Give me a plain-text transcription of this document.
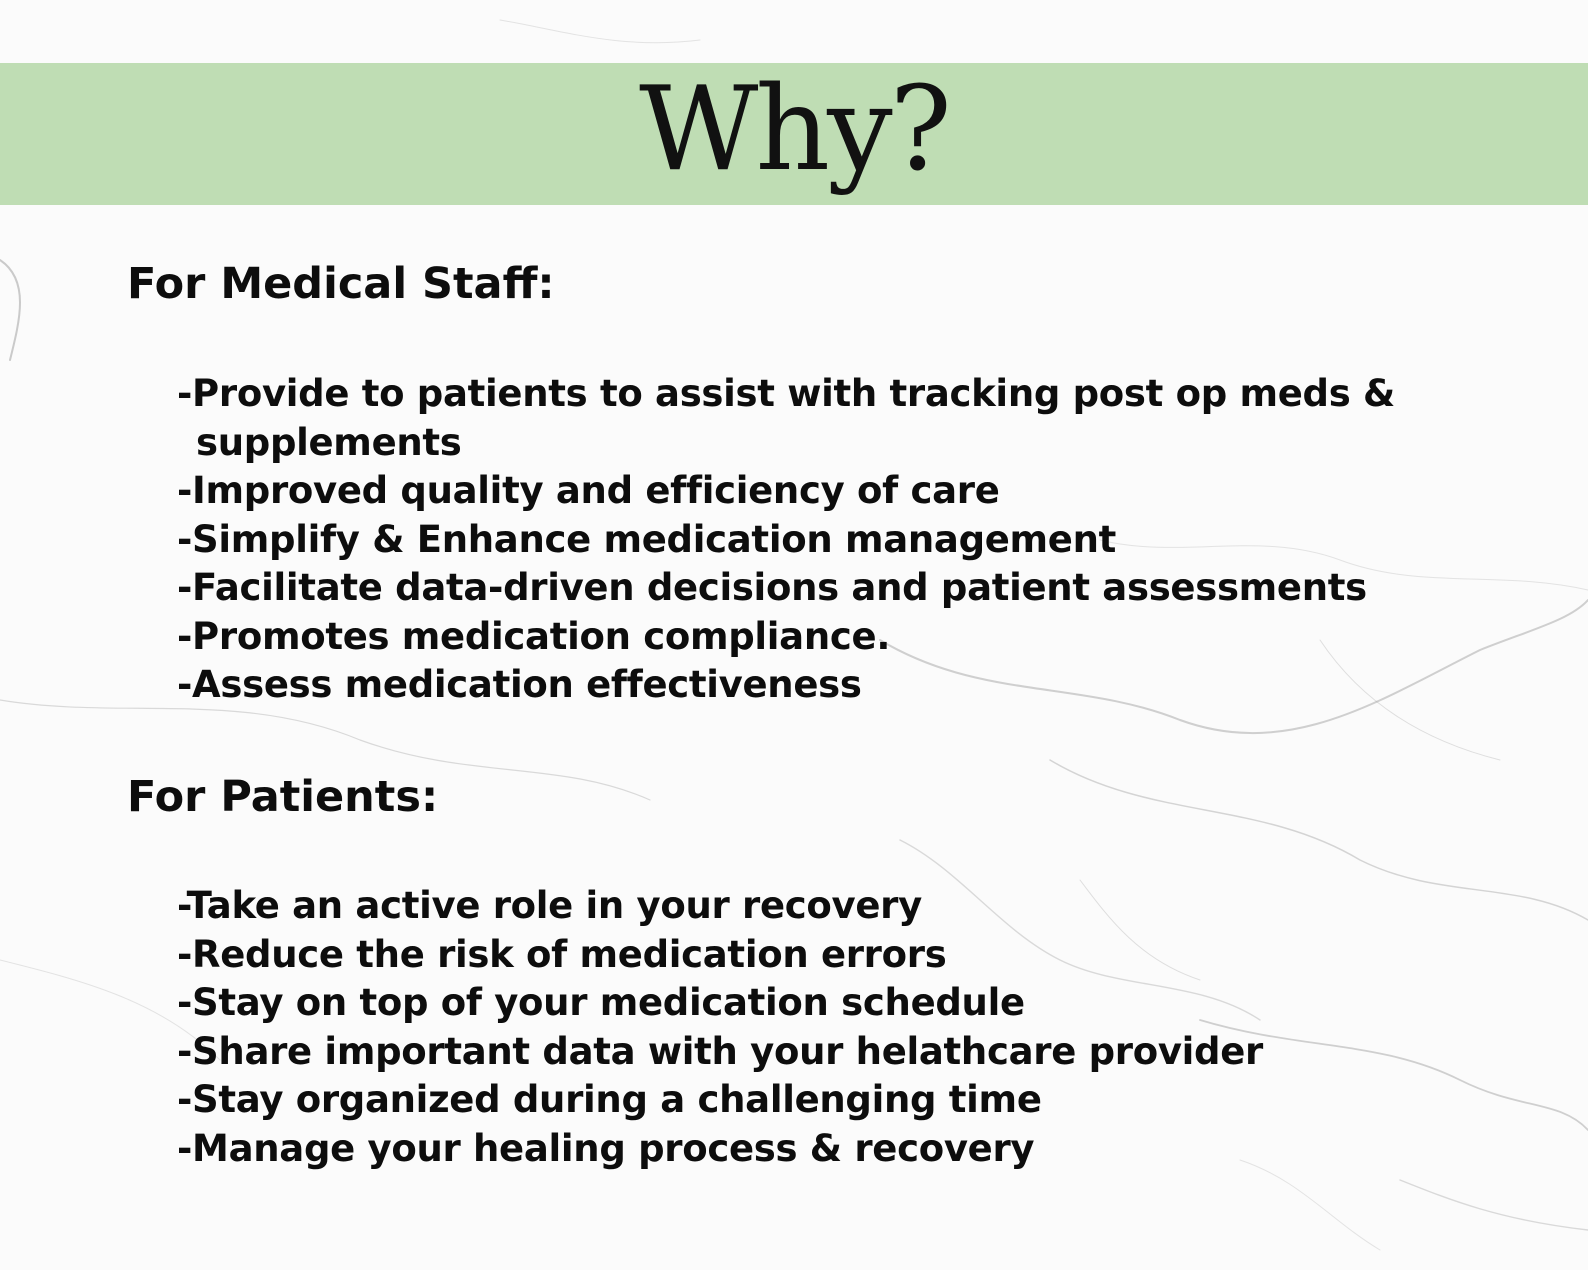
Why?
For Medical Staff:
-Provide to patients to assist with tracking post op meds &
supplements
-Improved quality and efficiency of care
-Simplify & Enhance medication management
-Facilitate data-driven decisions and patient assessments
-Promotes medication compliance.
-Assess medication effectiveness
For Patients:
-Take an active role in your recovery
-Reduce the risk of medication errors
-Stay on top of your medication schedule
-Share important data with your helathcare provider
-Stay organized during a challenging time
-Manage your healing process & recovery
